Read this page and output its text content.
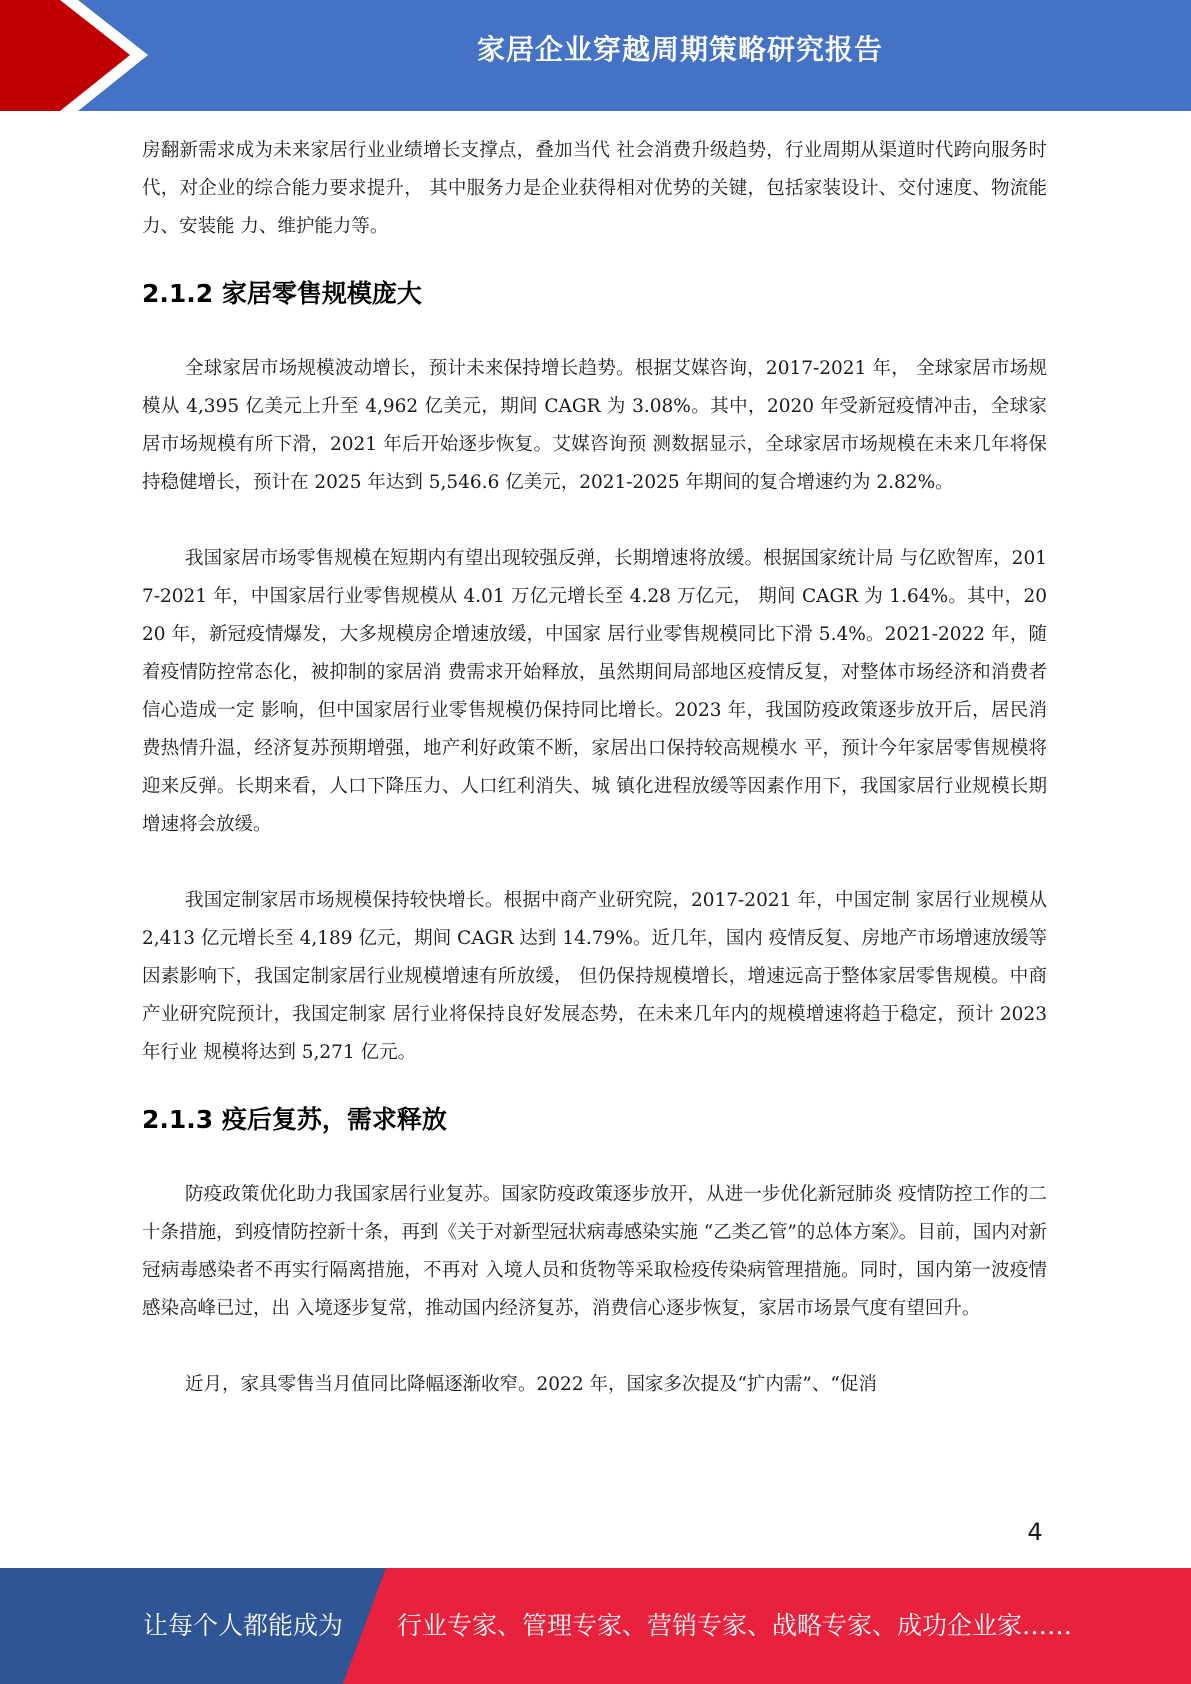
家居企业穿越周期策略研究报告

房翻新需求成为未来家居行业业绩增长支撑点，叠加当代 社会消费升级趋势，行业周期从渠道时代跨向服务时代，对企业的综合能力要求提升， 其中服务力是企业获得相对优势的关键，包括家装设计、交付速度、物流能力、安装能 力、维护能力等。

2.1.2 家居零售规模庞大

全球家居市场规模波动增长，预计未来保持增长趋势。根据艾媒咨询，2017-2021 年， 全球家居市场规模从 4,395 亿美元上升至 4,962 亿美元，期间 CAGR 为 3.08%。其中，2020 年受新冠疫情冲击，全球家居市场规模有所下滑，2021 年后开始逐步恢复。艾媒咨询预 测数据显示，全球家居市场规模在未来几年将保持稳健增长，预计在 2025 年达到 5,546.6 亿美元，2021-2025 年期间的复合增速约为 2.82%。

我国家居市场零售规模在短期内有望出现较强反弹，长期增速将放缓。根据国家统计局 与亿欧智库，2017-2021 年，中国家居行业零售规模从 4.01 万亿元增长至 4.28 万亿元， 期间 CAGR 为 1.64%。其中，2020 年，新冠疫情爆发，大多规模房企增速放缓，中国家 居行业零售规模同比下滑 5.4%。2021-2022 年，随着疫情防控常态化，被抑制的家居消 费需求开始释放，虽然期间局部地区疫情反复，对整体市场经济和消费者信心造成一定 影响，但中国家居行业零售规模仍保持同比增长。2023 年，我国防疫政策逐步放开后，居民消费热情升温，经济复苏预期增强，地产利好政策不断，家居出口保持较高规模水 平，预计今年家居零售规模将迎来反弹。长期来看，人口下降压力、人口红利消失、城 镇化进程放缓等因素作用下，我国家居行业规模长期增速将会放缓。

我国定制家居市场规模保持较快增长。根据中商产业研究院，2017-2021 年，中国定制 家居行业规模从 2,413 亿元增长至 4,189 亿元，期间 CAGR 达到 14.79%。近几年，国内 疫情反复、房地产市场增速放缓等因素影响下，我国定制家居行业规模增速有所放缓， 但仍保持规模增长，增速远高于整体家居零售规模。中商产业研究院预计，我国定制家 居行业将保持良好发展态势，在未来几年内的规模增速将趋于稳定，预计 2023 年行业 规模将达到 5,271 亿元。

2.1.3 疫后复苏，需求释放

防疫政策优化助力我国家居行业复苏。国家防疫政策逐步放开，从进一步优化新冠肺炎 疫情防控工作的二十条措施，到疫情防控新十条，再到《关于对新型冠状病毒感染实施 “乙类乙管”的总体方案》。目前，国内对新冠病毒感染者不再实行隔离措施，不再对 入境人员和货物等采取检疫传染病管理措施。同时，国内第一波疫情感染高峰已过，出 入境逐步复常，推动国内经济复苏，消费信心逐步恢复，家居市场景气度有望回升。

近月，家具零售当月值同比降幅逐渐收窄。2022 年，国家多次提及“扩内需”、“促消

4
让每个人都能成为 行业专家、管理专家、营销专家、战略专家、成功企业家……
